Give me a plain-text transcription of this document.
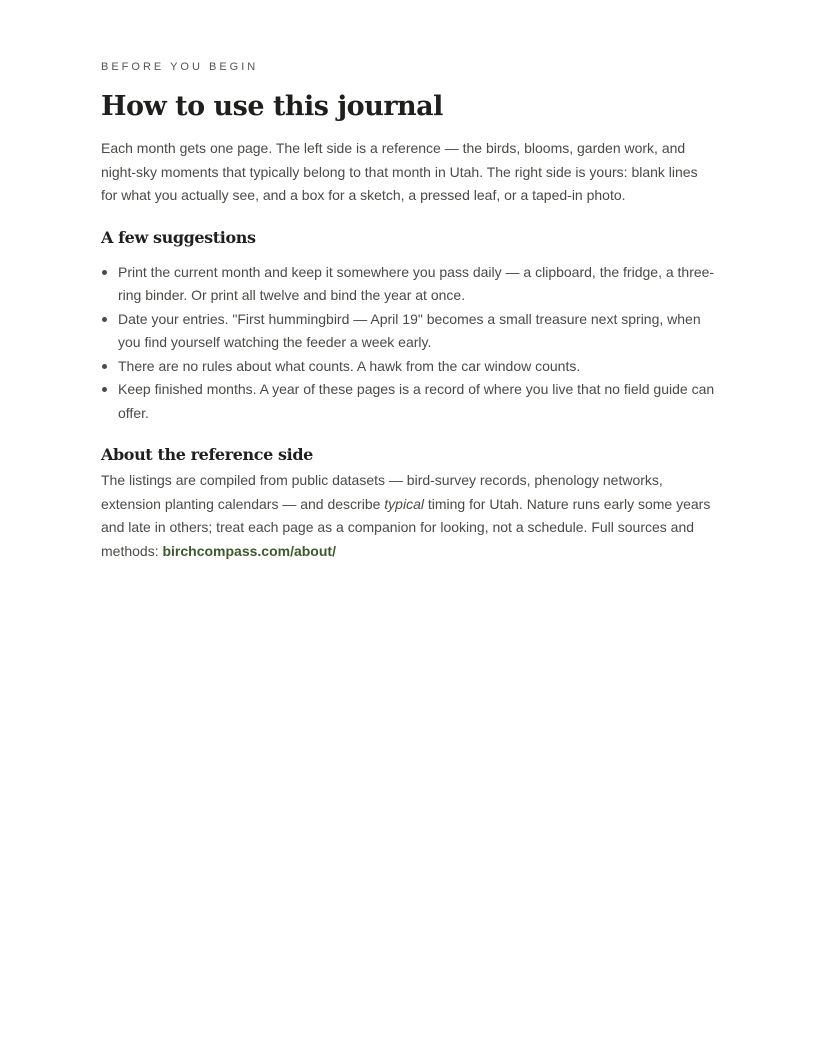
BEFORE YOU BEGIN

How to use this journal

Each month gets one page. The left side is a reference — the birds, blooms, garden work, and night-sky moments that typically belong to that month in Utah. The right side is yours: blank lines for what you actually see, and a box for a sketch, a pressed leaf, or a taped-in photo.

A few suggestions
Print the current month and keep it somewhere you pass daily — a clipboard, the fridge, a three-ring binder. Or print all twelve and bind the year at once.
Date your entries. "First hummingbird — April 19" becomes a small treasure next spring, when you find yourself watching the feeder a week early.
There are no rules about what counts. A hawk from the car window counts.
Keep finished months. A year of these pages is a record of where you live that no field guide can offer.
About the reference side

The listings are compiled from public datasets — bird-survey records, phenology networks, extension planting calendars — and describe typical timing for Utah. Nature runs early some years and late in others; treat each page as a companion for looking, not a schedule. Full sources and methods: birchcompass.com/about/
